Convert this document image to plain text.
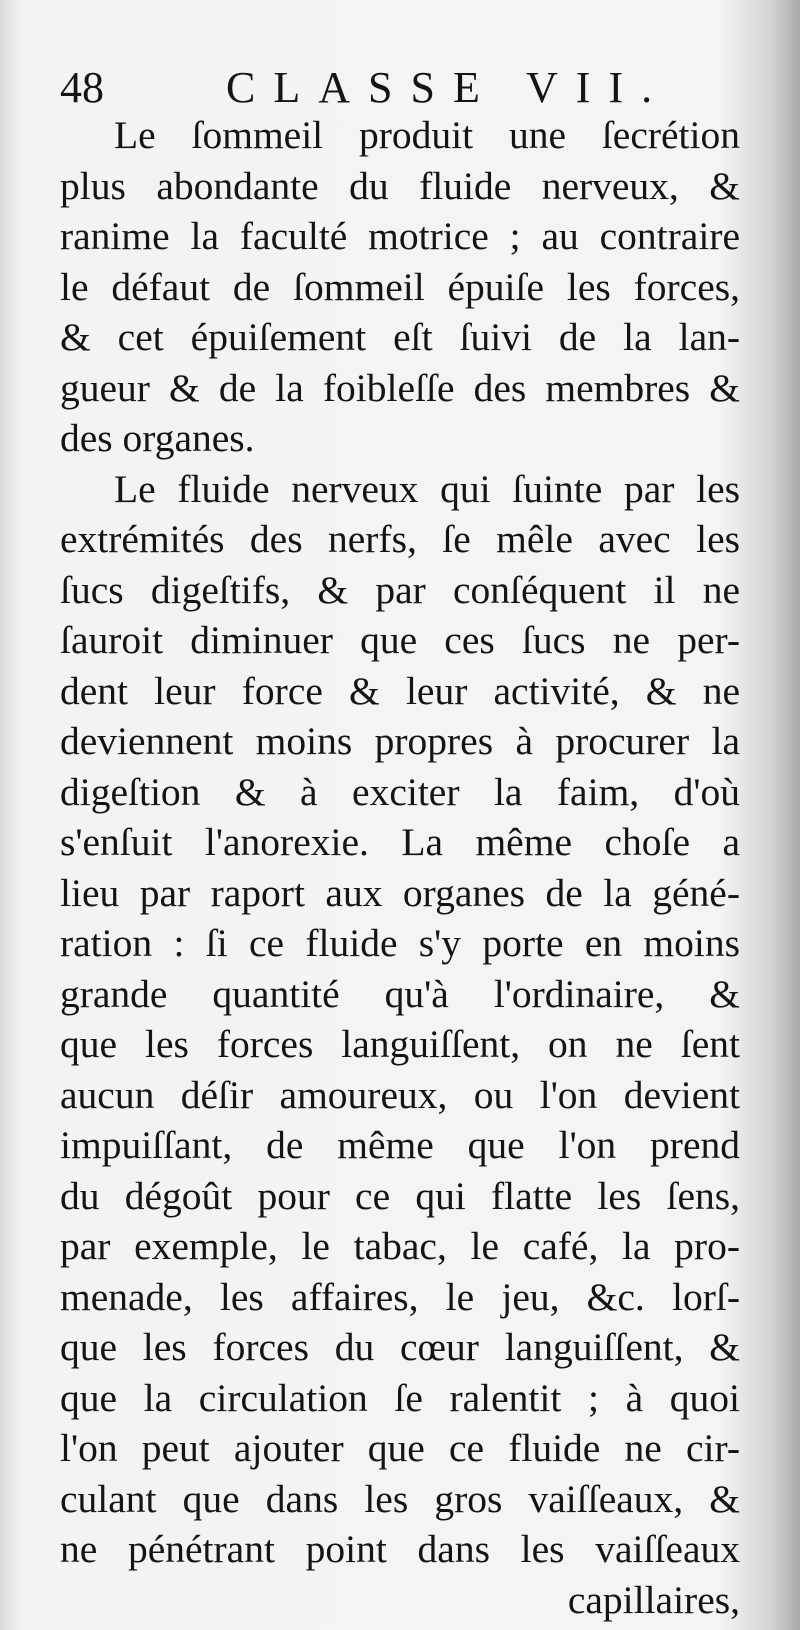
48	CLASSE VII.
Le ſommeil produit une ſecrétion
plus abondante du fluide nerveux, &
ranime la faculté motrice ; au contraire
le défaut de ſommeil épuiſe les forces,
& cet épuiſement eſt ſuivi de la lan-
gueur & de la foibleſſe des membres &
des organes.
Le fluide nerveux qui ſuinte par les
extrémités des nerfs, ſe mêle avec les
ſucs digeſtifs, & par conſéquent il ne
ſauroit diminuer que ces ſucs ne per-
dent leur force & leur activité, & ne
deviennent moins propres à procurer la
digeſtion & à exciter la faim, d'où
s'enſuit l'anorexie. La même choſe a
lieu par raport aux organes de la géné-
ration : ſi ce fluide s'y porte en moins
grande quantité qu'à l'ordinaire, &
que les forces languiſſent, on ne ſent
aucun déſir amoureux, ou l'on devient
impuiſſant, de même que l'on prend
du dégoût pour ce qui flatte les ſens,
par exemple, le tabac, le café, la pro-
menade, les affaires, le jeu, &c. lorſ-
que les forces du cœur languiſſent, &
que la circulation ſe ralentit ; à quoi
l'on peut ajouter que ce fluide ne cir-
culant que dans les gros vaiſſeaux, &
ne pénétrant point dans les vaiſſeaux
capillaires,
